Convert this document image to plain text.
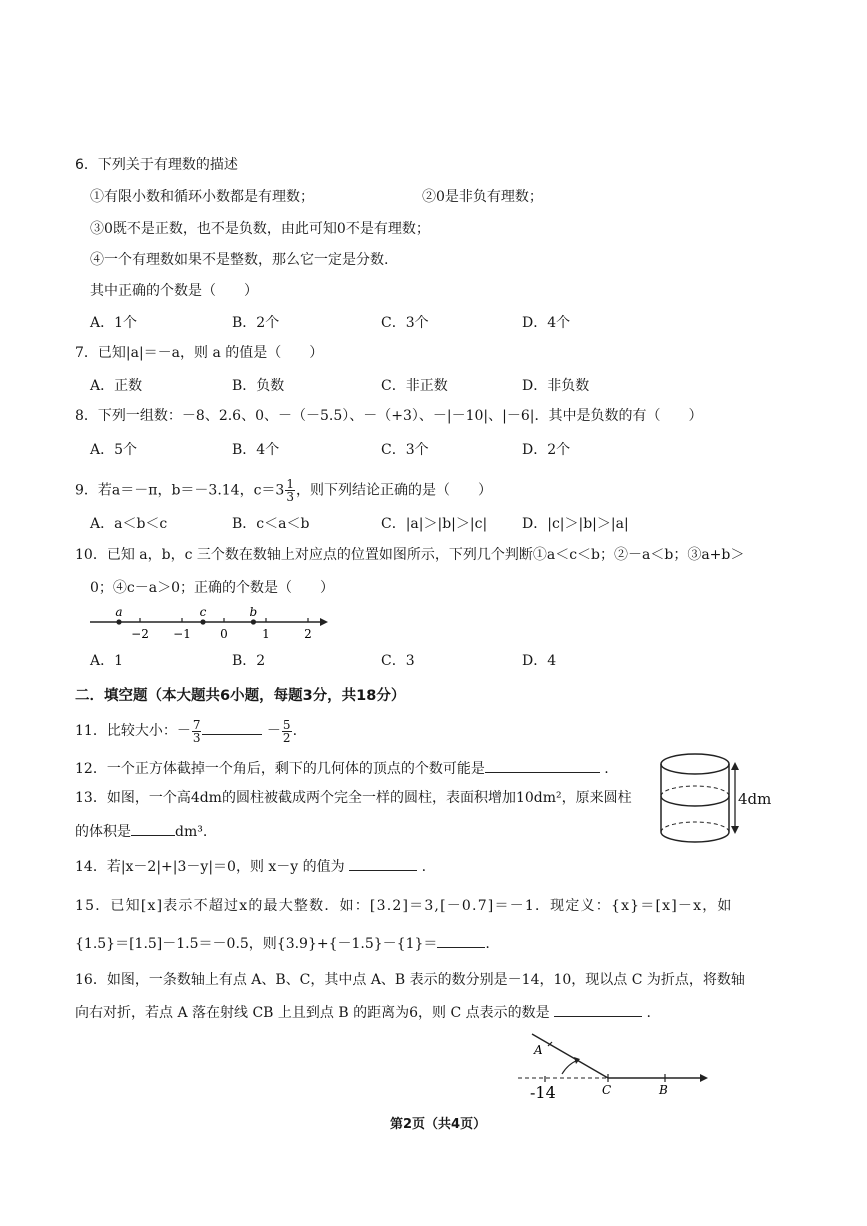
6．下列关于有理数的描述
①有限小数和循环小数都是有理数；	②0是非负有理数；
③0既不是正数，也不是负数，由此可知0不是有理数；
④一个有理数如果不是整数，那么它一定是分数.
其中正确的个数是（　　）
A．1个	B．2个	C．3个	D．4个
7．已知|a|＝－a，则 a 的值是（　　）
A．正数	B．负数	C．非正数	D．非负数
8．下列一组数：－8、2.6、0、－（－5.5）、－（+3）、－|－10|、|－6|．其中是负数的有（　　）
A．5个	B．4个	C．3个	D．2个
9．若a＝－π，b＝－3.14，$c=3 \frac{1}{3}$ ，则下列结论正确的是（　　）
A．a＜b＜c	B．c＜a＜b	C．|a|＞|b|＞|c| D．|c|＞|b|＞|a|
10．已知 a，b，c 三个数在数轴上对应点的位置如图所示，下列几个判断①a＜c＜b；②－a＜b；③a+b＞
0；④c－a＞0；正确的个数是（　　）
−2 −1 0	1	2
a	c	b
A．1	B．2	C．3	D．4
二．填空题（本大题共6小题，每题3分，共18分）
11．比较大小：－ $\frac{7}{3}$	－ $\frac{5}{2}$ .
12．一个正方体截掉一个角后，剩下的几何体的顶点的个数可能是	.
13．如图，一个高4dm的圆柱被截成两个完全一样的圆柱，表面积增加10dm²，原来圆柱
的体积是	dm³.
4dm
14．若|x－2|+|3－y|＝0，则 x－y 的值为	.
15．已知[x]表示不超过x的最大整数．如：[3.2]＝3,[－0.7]＝－1．现定义：{x}＝[x]－x，如
{1.5}＝[1.5]－1.5＝－0.5，则{3.9}+{－1.5}－{1}＝	.
16．如图，一条数轴上有点 A、B、C，其中点 A、B 表示的数分别是－14，10，现以点 C 为折点，将数轴
向右对折，若点 A 落在射线 CB 上且到点 B 的距离为6，则 C 点表示的数是	.
A
C	B
-14
第2页（共4页）
